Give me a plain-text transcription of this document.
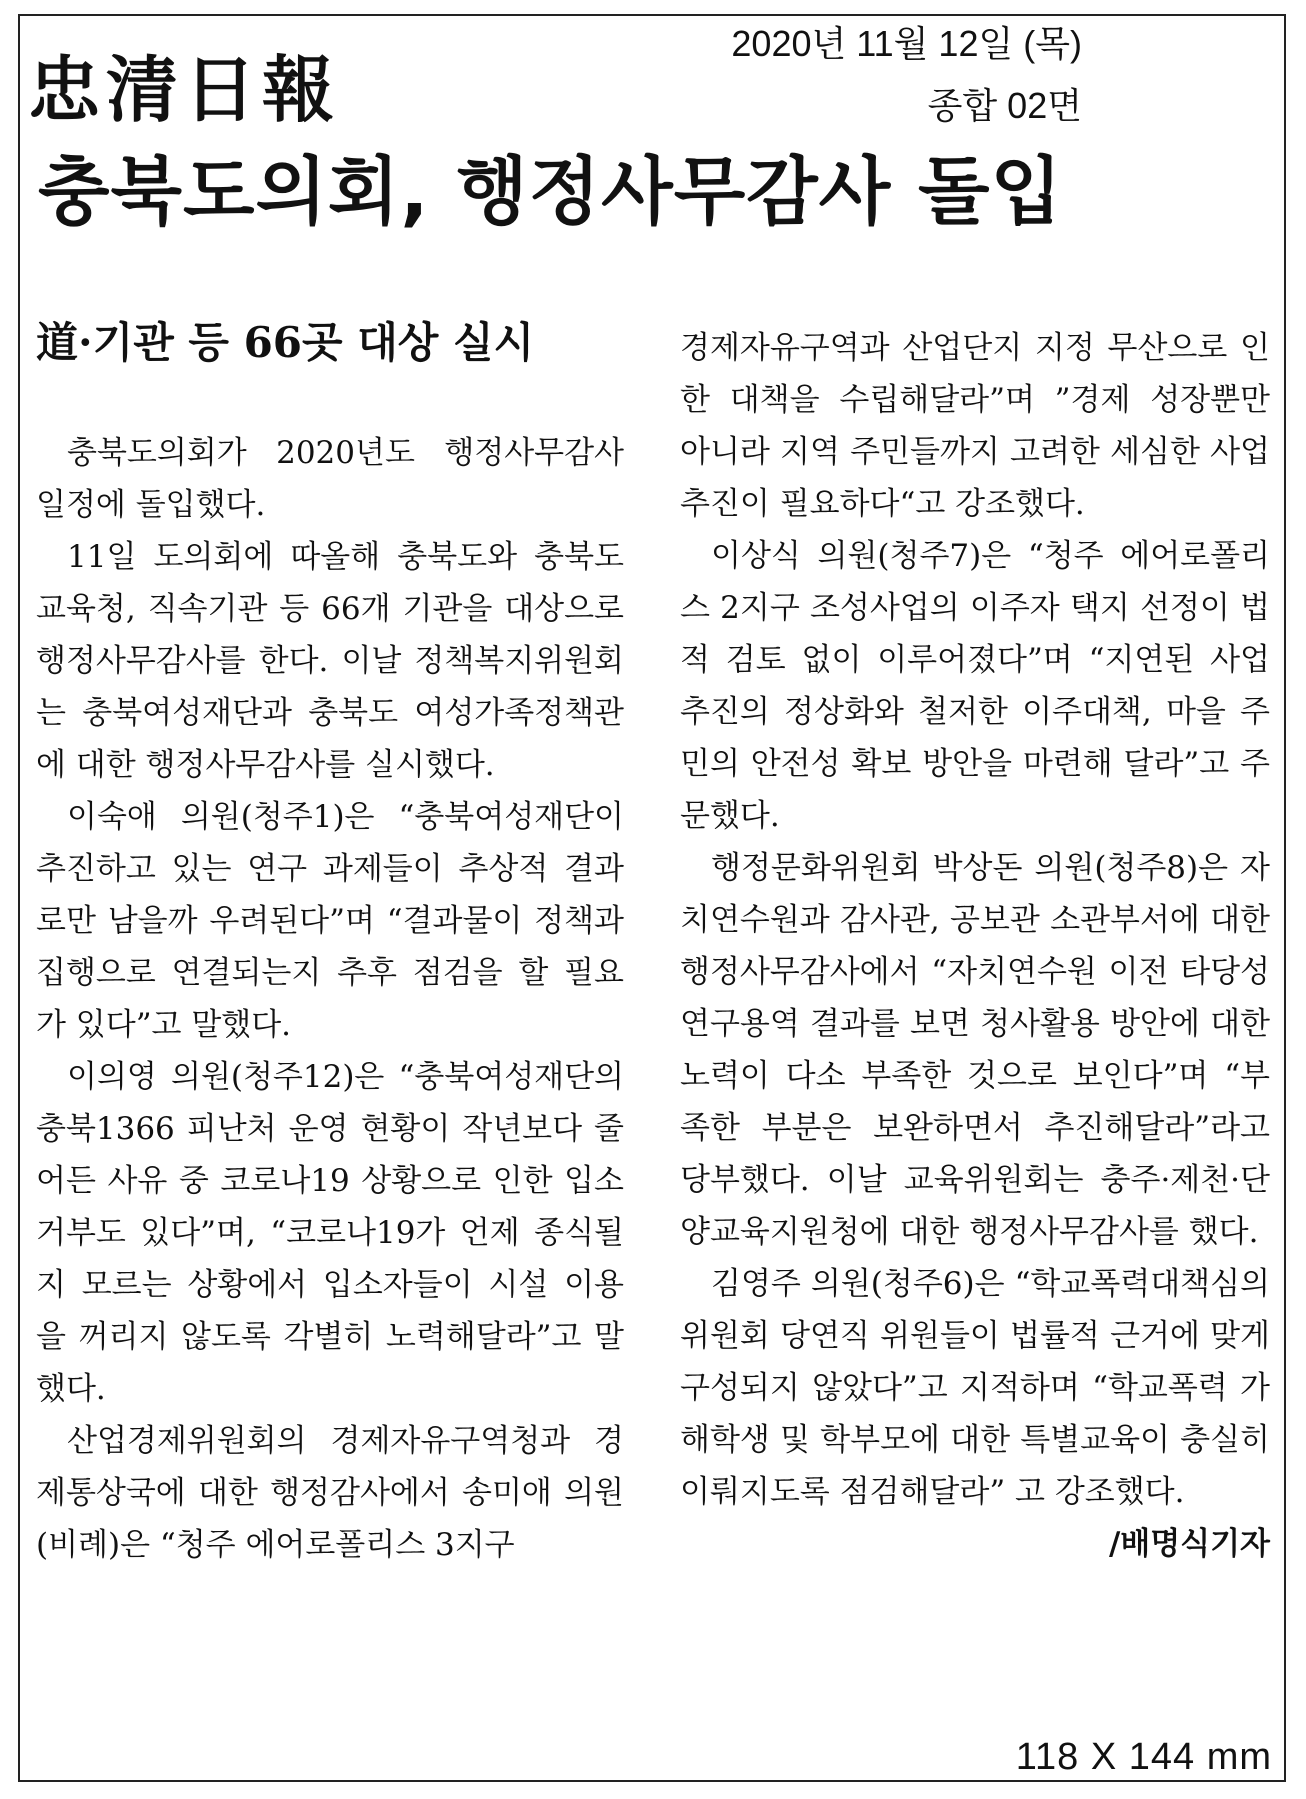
忠清日報
2020년 11월 12일 (목)
종합 02면
충북도의회, 행정사무감사 돌입
道·기관 등 66곳 대상 실시

충북도의회가 2020년도 행정사무감사 일정에 돌입했다.

11일 도의회에 따올해 충북도와 충북도교육청, 직속기관 등 66개 기관을 대상으로 행정사무감사를 한다. 이날 정책복지위원회는 충북여성재단과 충북도 여성가족정책관에 대한 행정사무감사를 실시했다.

이숙애 의원(청주1)은 “충북여성재단이 추진하고 있는 연구 과제들이 추상적 결과로만 남을까 우려된다”며 “결과물이 정책과 집행으로 연결되는지 추후 점검을 할 필요가 있다”고 말했다.

이의영 의원(청주12)은 “충북여성재단의 충북1366 피난처 운영 현황이 작년보다 줄어든 사유 중 코로나19 상황으로 인한 입소 거부도 있다”며, “코로나19가 언제 종식될지 모르는 상황에서 입소자들이 시설 이용을 꺼리지 않도록 각별히 노력해달라”고 말했다.

산업경제위원회의 경제자유구역청과 경제통상국에 대한 행정감사에서 송미애 의원(비례)은 “청주 에어로폴리스 3지구

경제자유구역과 산업단지 지정 무산으로 인한 대책을 수립해달라”며 ”경제 성장뿐만 아니라 지역 주민들까지 고려한 세심한 사업 추진이 필요하다“고 강조했다.

이상식 의원(청주7)은 “청주 에어로폴리스 2지구 조성사업의 이주자 택지 선정이 법적 검토 없이 이루어졌다”며 “지연된 사업 추진의 정상화와 철저한 이주대책, 마을 주민의 안전성 확보 방안을 마련해 달라”고 주문했다.

행정문화위원회 박상돈 의원(청주8)은 자치연수원과 감사관, 공보관 소관부서에 대한 행정사무감사에서 “자치연수원 이전 타당성 연구용역 결과를 보면 청사활용 방안에 대한 노력이 다소 부족한 것으로 보인다”며 “부족한 부분은 보완하면서 추진해달라”라고 당부했다. 이날 교육위원회는 충주·제천·단양교육지원청에 대한 행정사무감사를 했다.

김영주 의원(청주6)은 “학교폭력대책심의위원회 당연직 위원들이 법률적 근거에 맞게 구성되지 않았다”고 지적하며 “학교폭력 가해학생 및 학부모에 대한 특별교육이 충실히 이뤄지도록 점검해달라” 고 강조했다.

/배명식기자
118 X 144 mm
